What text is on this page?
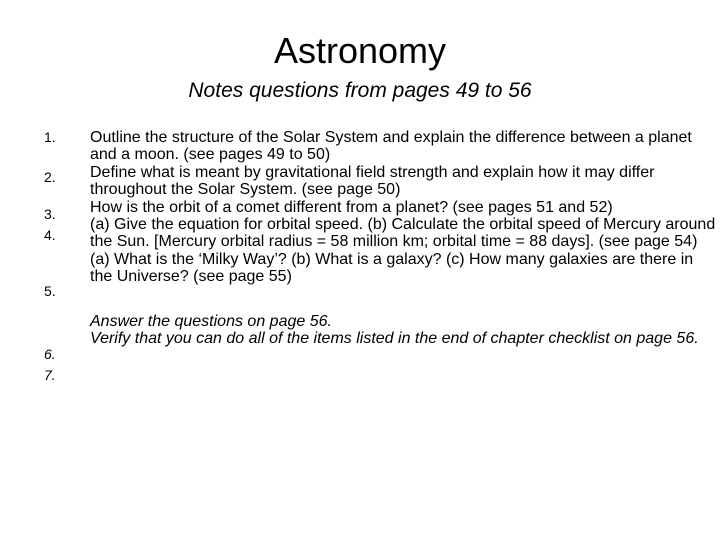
Astronomy
Notes questions from pages 49 to 56
1.
2.
3.
4.
5.
6.
7.

Outline the structure of the Solar System and explain the difference between a planet and a moon. (see pages 49 to 50)

Define what is meant by gravitational field strength and explain how it may differ throughout the Solar System. (see page 50)

How is the orbit of a comet different from a planet? (see pages 51 and 52)

(a) Give the equation for orbital speed. (b) Calculate the orbital speed of Mercury around the Sun. [Mercury orbital radius = 58 million km; orbital time = 88 days]. (see page 54)

(a) What is the ‘Milky Way’? (b) What is a galaxy? (c) How many galaxies are there in the Universe? (see page 55)

Answer the questions on page 56.

Verify that you can do all of the items listed in the end of chapter checklist on page 56.
